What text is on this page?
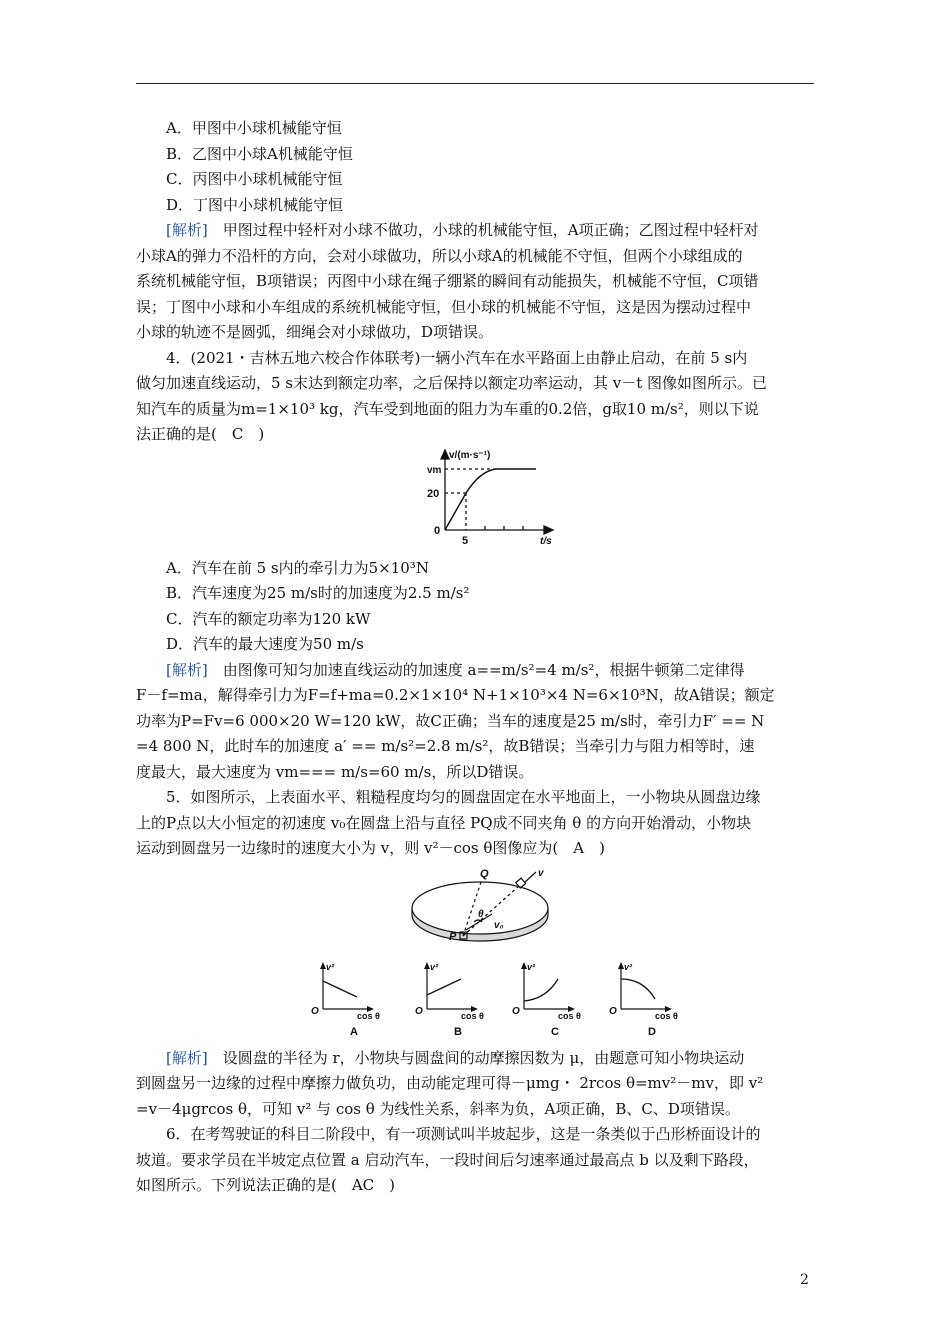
A．甲图中小球机械能守恒
B．乙图中小球A机械能守恒
C．丙图中小球机械能守恒
D．丁图中小球机械能守恒
[解析]　 甲图过程中轻杆对小球不做功，小球的机械能守恒，A项正确；乙图过程中轻杆对
小球A的弹力不沿杆的方向，会对小球做功，所以小球A的机械能不守恒，但两个小球组成的
系统机械能守恒，B项错误；丙图中小球在绳子绷紧的瞬间有动能损失，机械能不守恒，C项错
误；丁图中小球和小车组成的系统机械能守恒，但小球的机械能不守恒，这是因为摆动过程中
小球的轨迹不是圆弧，细绳会对小球做功，D项错误。
4．(2021・吉林五地六校合作体联考)一辆小汽车在水平路面上由静止启动，在前 5 s内
做匀加速直线运动，5 s末达到额定功率，之后保持以额定功率运动，其 v－t 图像如图所示。已
知汽车的质量为m=1×10³ kg，汽车受到地面的阻力为车重的0.2倍，g取10 m/s²，则以下说
法正确的是(　C　)
v/(m·s⁻¹)
vm
20
0
5	t/s
A．汽车在前 5 s内的牵引力为5×10³N
B．汽车速度为25 m/s时的加速度为2.5 m/s²
C．汽车的额定功率为120 kW
D．汽车的最大速度为50 m/s
[解析]　 由图像可知匀加速直线运动的加速度 a==m/s²=4 m/s²，根据牛顿第二定律得
F－f=ma，解得牵引力为F=f+ma=0.2×1×10⁴ N+1×10³×4 N=6×10³N，故A错误；额定
功率为P=Fv=6 000×20 W=120 kW，故C正确；当车的速度是25 m/s时，牵引力F′ == N
=4 800 N，此时车的加速度 a′ == m/s²=2.8 m/s²，故B错误；当牵引力与阻力相等时，速
度最大，最大速度为 vm=== m/s=60 m/s，所以D错误。
5．如图所示，上表面水平、粗糙程度均匀的圆盘固定在水平地面上，一小物块从圆盘边缘
上的P点以大小恒定的初速度 v₀在圆盘上沿与直径 PQ成不同夹角 θ 的方向开始滑动，小物块
运动到圆盘另一边缘时的速度大小为 v，则 v²－cos θ图像应为(　A　)
Q
P
v
v₀
θ
v²
O	cos θ
A
v²
O	cos θ
B
v²
O	cos θ
C
v²
O	cos θ
D
[解析]　 设圆盘的半径为 r，小物块与圆盘间的动摩擦因数为 μ，由题意可知小物块运动
到圆盘另一边缘的过程中摩擦力做负功，由动能定理可得－μmg・ 2rcos θ=mv²－mv，即 v²
=v－4μgrcos θ，可知 v² 与 cos θ 为线性关系，斜率为负，A项正确，B、C、D项错误。
6．在考驾驶证的科目二阶段中，有一项测试叫半坡起步，这是一条类似于凸形桥面设计的
坡道。要求学员在半坡定点位置 a 启动汽车，一段时间后匀速率通过最高点 b 以及剩下路段，
如图所示。下列说法正确的是(　AC　)
2
